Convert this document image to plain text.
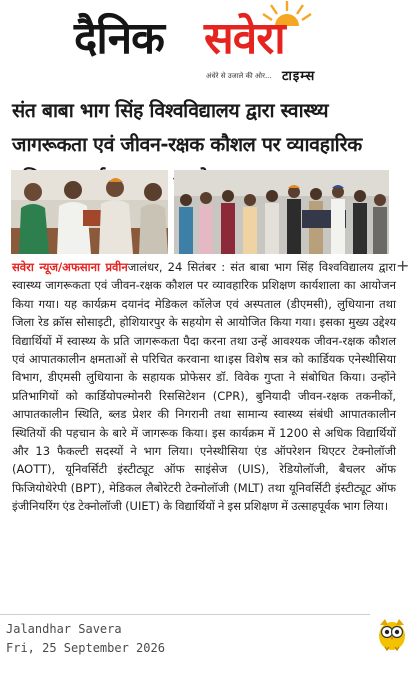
दैनिक सवेरा
अंधेरे से उजाले की ओर... टाइम्स
संत बाबा भाग सिंह विश्वविद्यालय द्वारा स्वास्थ्य जागरूकता एवं जीवन-रक्षक कौशल पर व्यावहारिक
+
सवेरा न्यूज/अफसाना प्रवीनजालंधर, 24 सितंबर : संत बाबा भाग सिंह विश्वविद्यालय द्वारा स्वास्थ्य जागरूकता एवं जीवन-रक्षक कौशल पर व्यावहारिक प्रशिक्षण कार्यशाला का आयोजन किया गया। यह कार्यक्रम दयानंद मेडिकल कॉलेज एवं अस्पताल (डीएमसी), लुधियाना तथा जिला रेड क्रॉस सोसाइटी, होशियारपुर के सहयोग से आयोजित किया गया। इसका मुख्य उद्देश्य विद्यार्थियों में स्वास्थ्य के प्रति जागरूकता पैदा करना तथा उन्हें आवश्यक जीवन-रक्षक कौशल एवं आपातकालीन क्षमताओं से परिचित करवाना था।इस विशेष सत्र को कार्डियक एनेस्थीसिया विभाग, डीएमसी लुधियाना के सहायक प्रोफेसर डॉ. विवेक गुप्ता ने संबोधित किया। उन्होंने प्रतिभागियों को कार्डियोपल्मोनरी रिससिटेशन (CPR), बुनियादी जीवन-रक्षक तकनीकों, आपातकालीन स्थिति, ब्लड प्रेशर की निगरानी तथा सामान्य स्वास्थ्य संबंधी आपातकालीन स्थितियों की पहचान के बारे में जागरूक किया। इस कार्यक्रम में 1200 से अधिक विद्यार्थियों और 13 फैकल्टी सदस्यों ने भाग लिया। एनेस्थीसिया एंड ऑपरेशन थिएटर टेक्नोलॉजी (AOTT), यूनिवर्सिटी इंस्टीट्यूट ऑफ साइंसेज (UIS), रेडियोलॉजी, बैचलर ऑफ फिजियोथेरेपी (BPT), मेडिकल लैबोरेटरी टेक्नोलॉजी (MLT) तथा यूनिवर्सिटी इंस्टीट्यूट ऑफ इंजीनियरिंग एंड टेक्नोलॉजी (UIET) के विद्यार्थियों ने इस प्रशिक्षण में उत्साहपूर्वक भाग लिया।
Jalandhar Savera
Fri, 25 September 2026
